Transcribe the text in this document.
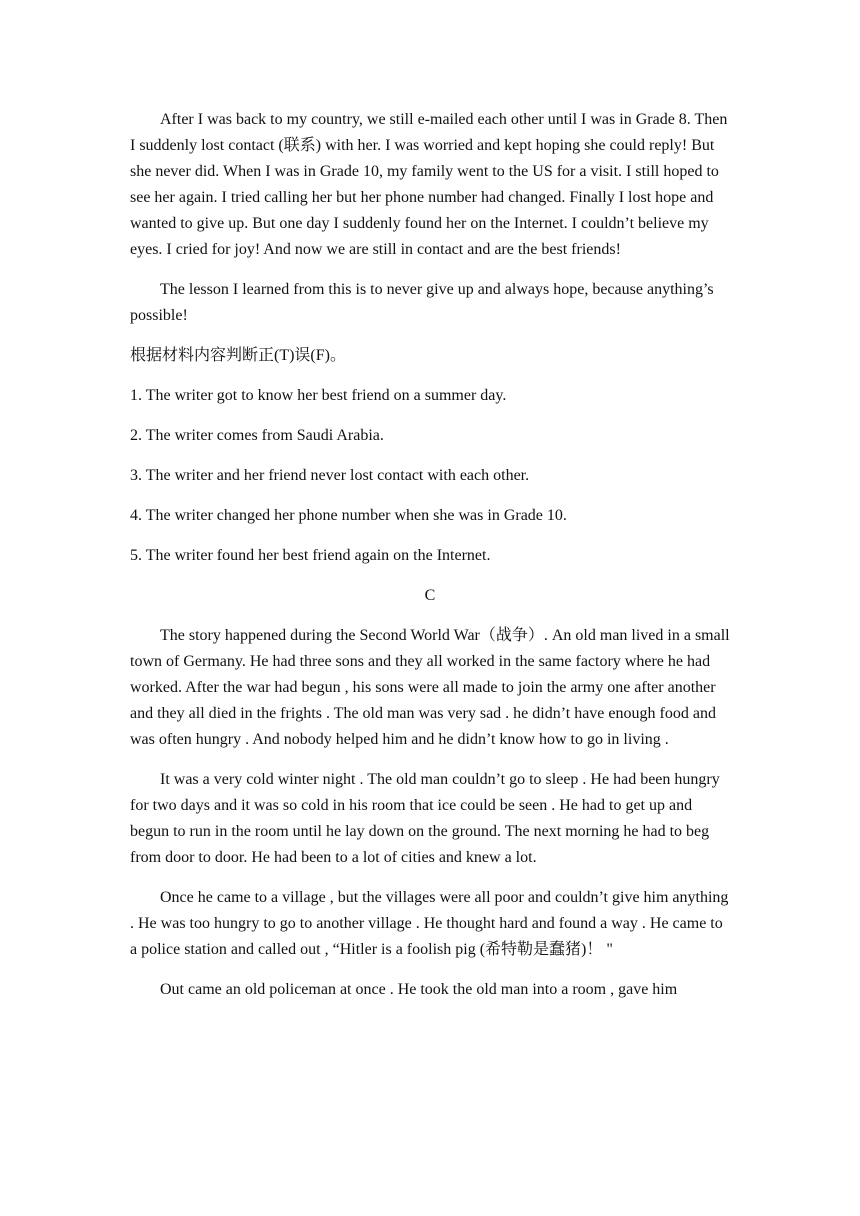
After I was back to my country, we still e-mailed each other until I was in Grade 8. Then I suddenly lost contact (联系) with her. I was worried and kept hoping she could reply! But she never did. When I was in Grade 10, my family went to the US for a visit. I still hoped to see her again. I tried calling her but her phone number had changed. Finally I lost hope and wanted to give up. But one day I suddenly found her on the Internet. I couldn’t believe my eyes. I cried for joy! And now we are still in contact and are the best friends!

The lesson I learned from this is to never give up and always hope, because anything’s possible!

根据材料内容判断正(T)误(F)。

1. The writer got to know her best friend on a summer day.

2. The writer comes from Saudi Arabia.

3. The writer and her friend never lost contact with each other.

4. The writer changed her phone number when she was in Grade 10.

5. The writer found her best friend again on the Internet.

C

The story happened during the Second World War（战争）. An old man lived in a small town of Germany. He had three sons and they all worked in the same factory where he had worked. After the war had begun , his sons were all made to join the army one after another and they all died in the frights . The old man was very sad . he didn’t have enough food and was often hungry . And nobody helped him and he didn’t know how to go in living .

It was a very cold winter night . The old man couldn’t go to sleep . He had been hungry for two days and it was so cold in his room that ice could be seen . He had to get up and begun to run in the room until he lay down on the ground. The next morning he had to beg from door to door. He had been to a lot of cities and knew a lot.

Once he came to a village , but the villages were all poor and couldn’t give him anything . He was too hungry to go to another village . He thought hard and found a way . He came to a police station and called out , “Hitler is a foolish pig (希特勒是蠢猪)！ "

Out came an old policeman at once . He took the old man into a room , gave him
